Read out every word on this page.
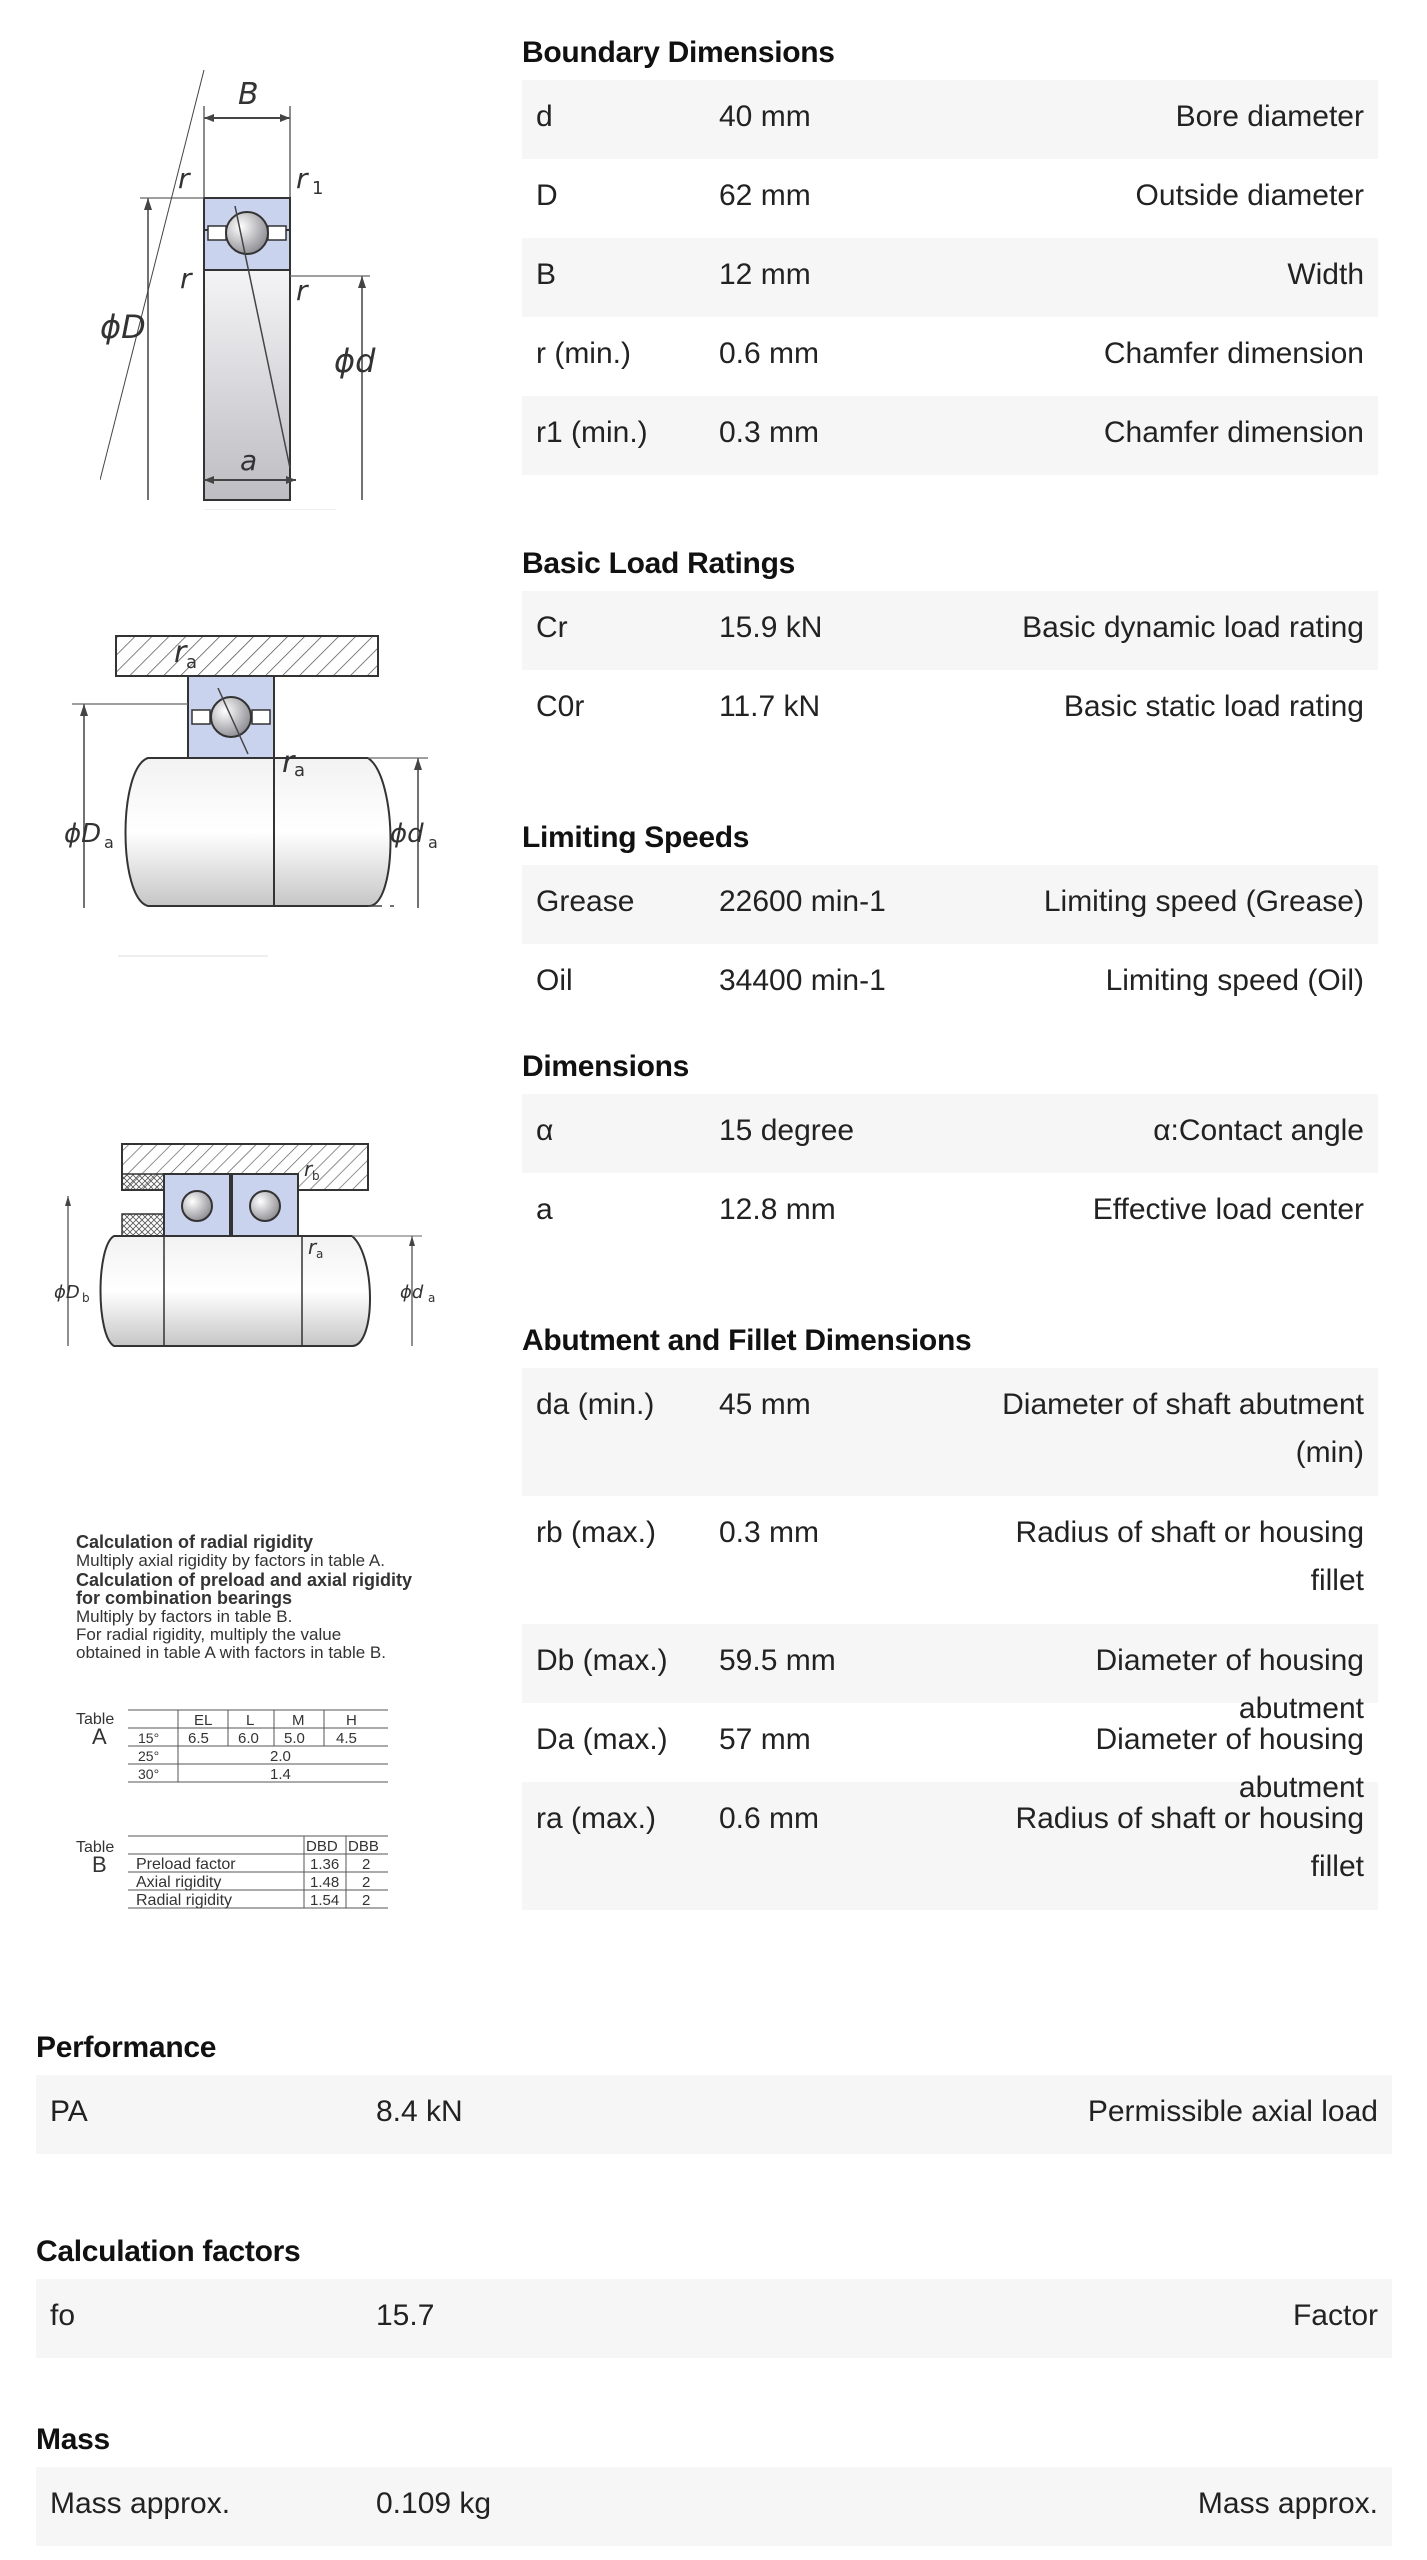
B
r	r 1
r	r
ϕD
ϕd
a
r a
r a
ϕD a	ϕd a
r b
r a
ϕD b	ϕd a
Calculation of radial rigidity
Multiply axial rigidity by factors in table A.
Calculation of preload and axial rigidity
for combination bearings
Multiply by factors in table B.
For radial rigidity, multiply the value
obtained in table A with factors in table B.
Table
A
EL L	M	H
15° 6.5 6.0 5.0 4.5
25°	2.0
30°	1.4
Table
B
DBD DBB
Preload factor	1.36 2
Axial rigidity	1.48 2
Radial rigidity	1.54 2
Boundary Dimensions
d	40 mm	Bore diameter
D	62 mm	Outside diameter
B	12 mm	Width
r (min.)	0.6 mm	Chamfer dimension
r1 (min.)	0.3 mm	Chamfer dimension
Basic Load Ratings
Cr	15.9 kN	Basic dynamic load rating
C0r	11.7 kN	Basic static load rating
Limiting Speeds
Grease	22600 min-1	Limiting speed (Grease)
Oil	34400 min-1	Limiting speed (Oil)
Dimensions
α	15 degree	α:Contact angle
a	12.8 mm	Effective load center
Abutment and Fillet Dimensions
da (min.)	45 mm	Diameter of shaft abutment (min)
rb (max.)	0.3 mm	Radius of shaft or housing fillet
Db (max.)	59.5 mm	Diameter of housing abutment
Da (max.)	57 mm	Diameter of housing abutment
ra (max.)	0.6 mm	Radius of shaft or housing fillet
Performance
PA	8.4 kN	Permissible axial load
Calculation factors
fo	15.7	Factor
Mass
Mass approx.	0.109 kg	Mass approx.
